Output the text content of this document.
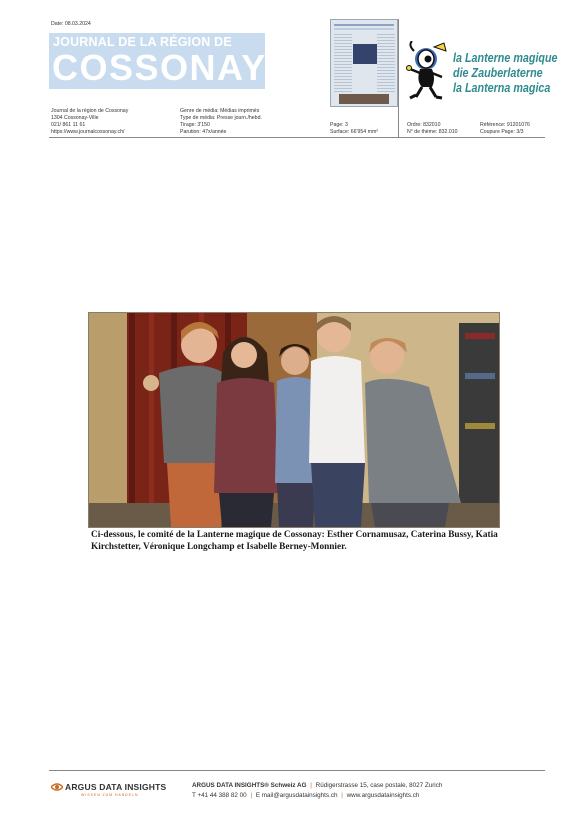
Date: 08.03.2024
JOURNAL DE LA RÉGION DE
COSSONAY	la Lanterne magique
die Zauberlaterne
la Lanterna magica
Journal de la région de Cossonay
1304 Cossonay-Ville
021/ 861 11 61
https://www.journalcossonay.ch/
Genre de média: Médias imprimés
Type de média: Presse journ./hebd.
Tirage: 3'150
Parution: 47x/année
Page: 3
Surface: 66'954 mm²
Ordre: 832010
N° de thème: 832.010
Référence: 91201076
Coupure Page: 3/3
Ci-dessous, le comité de la Lanterne magique de Cossonay: Esther Cornamusaz, Caterina Bussy, Katia Kirchstetter, Véronique Longchamp et Isabelle Berney-Monnier.
ARGUS DATA INSIGHTS
WISSEN ZUM HANDELN
ARGUS DATA INSIGHTS® Schweiz AG | Rüdigerstrasse 15, case postale, 8027 Zurich
T +41 44 388 82 00 | E mail@argusdatainsights.ch | www.argusdatainsights.ch
